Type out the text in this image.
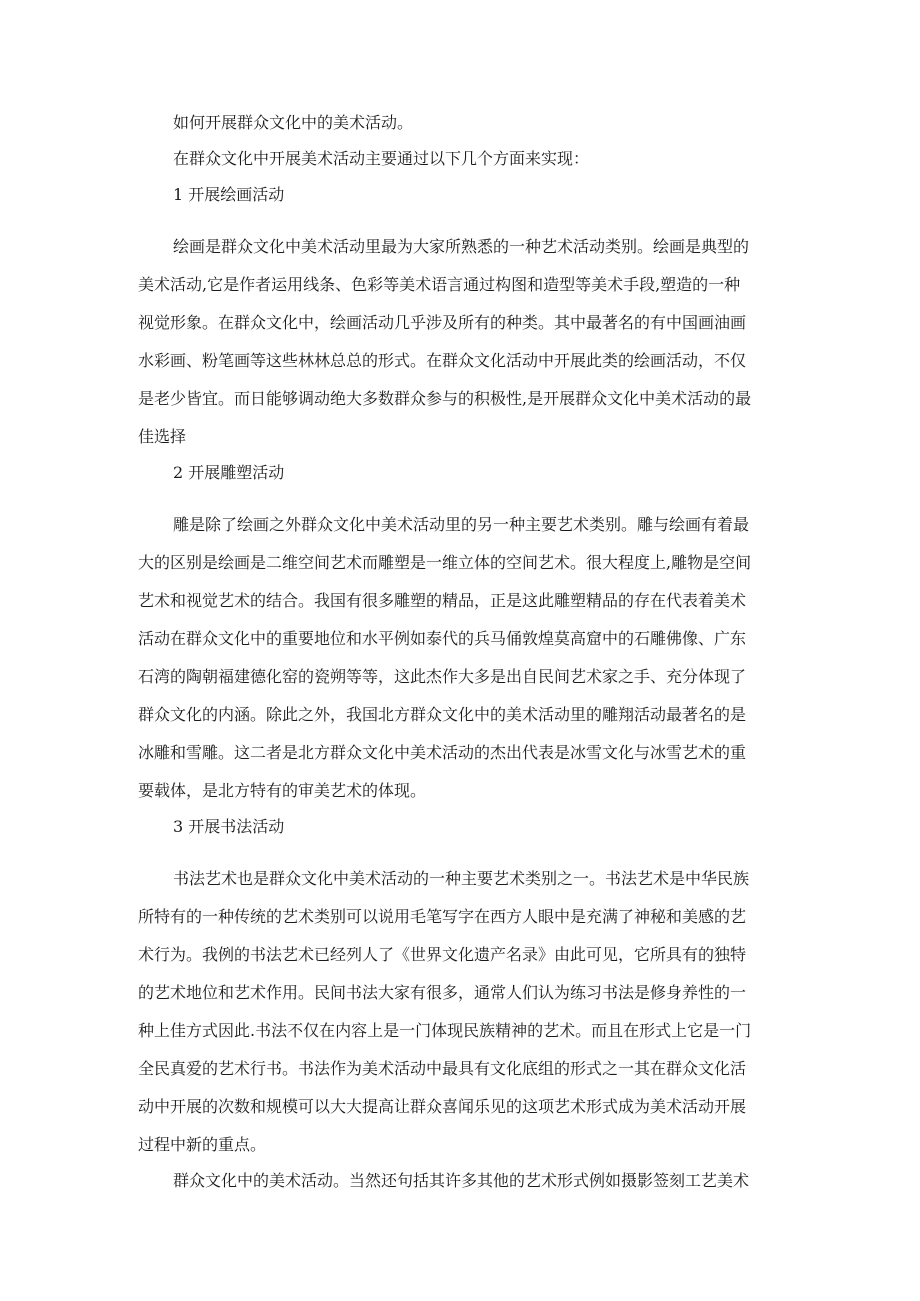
如何开展群众文化中的美术活动。
在群众文化中开展美术活动主要通过以下几个方面来实现：
1 开展绘画活动
绘画是群众文化中美术活动里最为大家所熟悉的一种艺术活动类别。绘画是典型的
美术活动,它是作者运用线条、色彩等美术语言通过构图和造型等美术手段,塑造的一种
视觉形象。在群众文化中，绘画活动几乎涉及所有的种类。其中最著名的有中国画油画
水彩画、粉笔画等这些林林总总的形式。在群众文化活动中开展此类的绘画活动，不仅
是老少皆宜。而日能够调动绝大多数群众参与的积极性,是开展群众文化中美术活动的最
佳选择
2 开展雕塑活动
雕是除了绘画之外群众文化中美术活动里的另一种主要艺术类别。雕与绘画有着最
大的区别是绘画是二维空间艺术而雕塑是一维立体的空间艺术。很大程度上,雕物是空间
艺术和视觉艺术的结合。我国有很多雕塑的精品，正是这此雕塑精品的存在代表着美术
活动在群众文化中的重要地位和水平例如泰代的兵马俑敦煌莫高窟中的石雕佛像、广东
石湾的陶朝福建德化窑的瓷朔等等，这此杰作大多是出自民间艺术家之手、充分体现了
群众文化的内涵。除此之外，我国北方群众文化中的美术活动里的雕翔活动最著名的是
冰雕和雪雕。这二者是北方群众文化中美术活动的杰出代表是冰雪文化与冰雪艺术的重
要载体，是北方特有的审美艺术的体现。
3 开展书法活动
书法艺术也是群众文化中美术活动的一种主要艺术类别之一。书法艺术是中华民族
所特有的一种传统的艺术类别可以说用毛笔写字在西方人眼中是充满了神秘和美感的艺
术行为。我例的书法艺术已经列人了《世界文化遗产名录》由此可见，它所具有的独特
的艺术地位和艺术作用。民间书法大家有很多，通常人们认为练习书法是修身养性的一
种上佳方式因此.书法不仅在内容上是一门体现民族精神的艺术。而且在形式上它是一门
全民真爱的艺术行书。书法作为美术活动中最具有文化底组的形式之一其在群众文化活
动中开展的次数和规模可以大大提高让群众喜闻乐见的这项艺术形式成为美术活动开展
过程中新的重点。
群众文化中的美术活动。当然还句括其许多其他的艺术形式例如摄影签刻工艺美术
